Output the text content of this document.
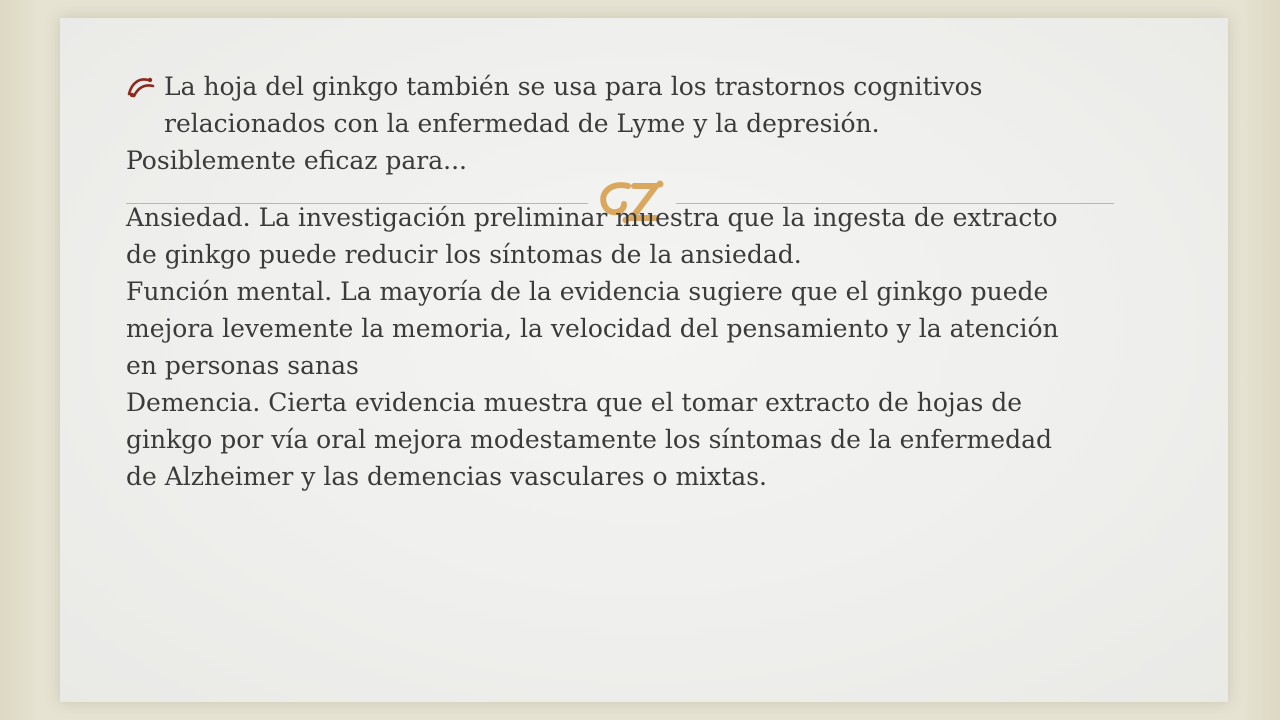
La hoja del ginkgo también se usa para los trastornos cognitivos relacionados con la enfermedad de Lyme y la depresión.

Posiblemente eficaz para...

Ansiedad. La investigación preliminar muestra que la ingesta de extracto de ginkgo puede reducir los síntomas de la ansiedad.

Función mental. La mayoría de la evidencia sugiere que el ginkgo puede mejora levemente la memoria, la velocidad del pensamiento y la atención en personas sanas

Demencia. Cierta evidencia muestra que el tomar extracto de hojas de ginkgo por vía oral mejora modestamente los síntomas de la enfermedad de Alzheimer y las demencias vasculares o mixtas.
